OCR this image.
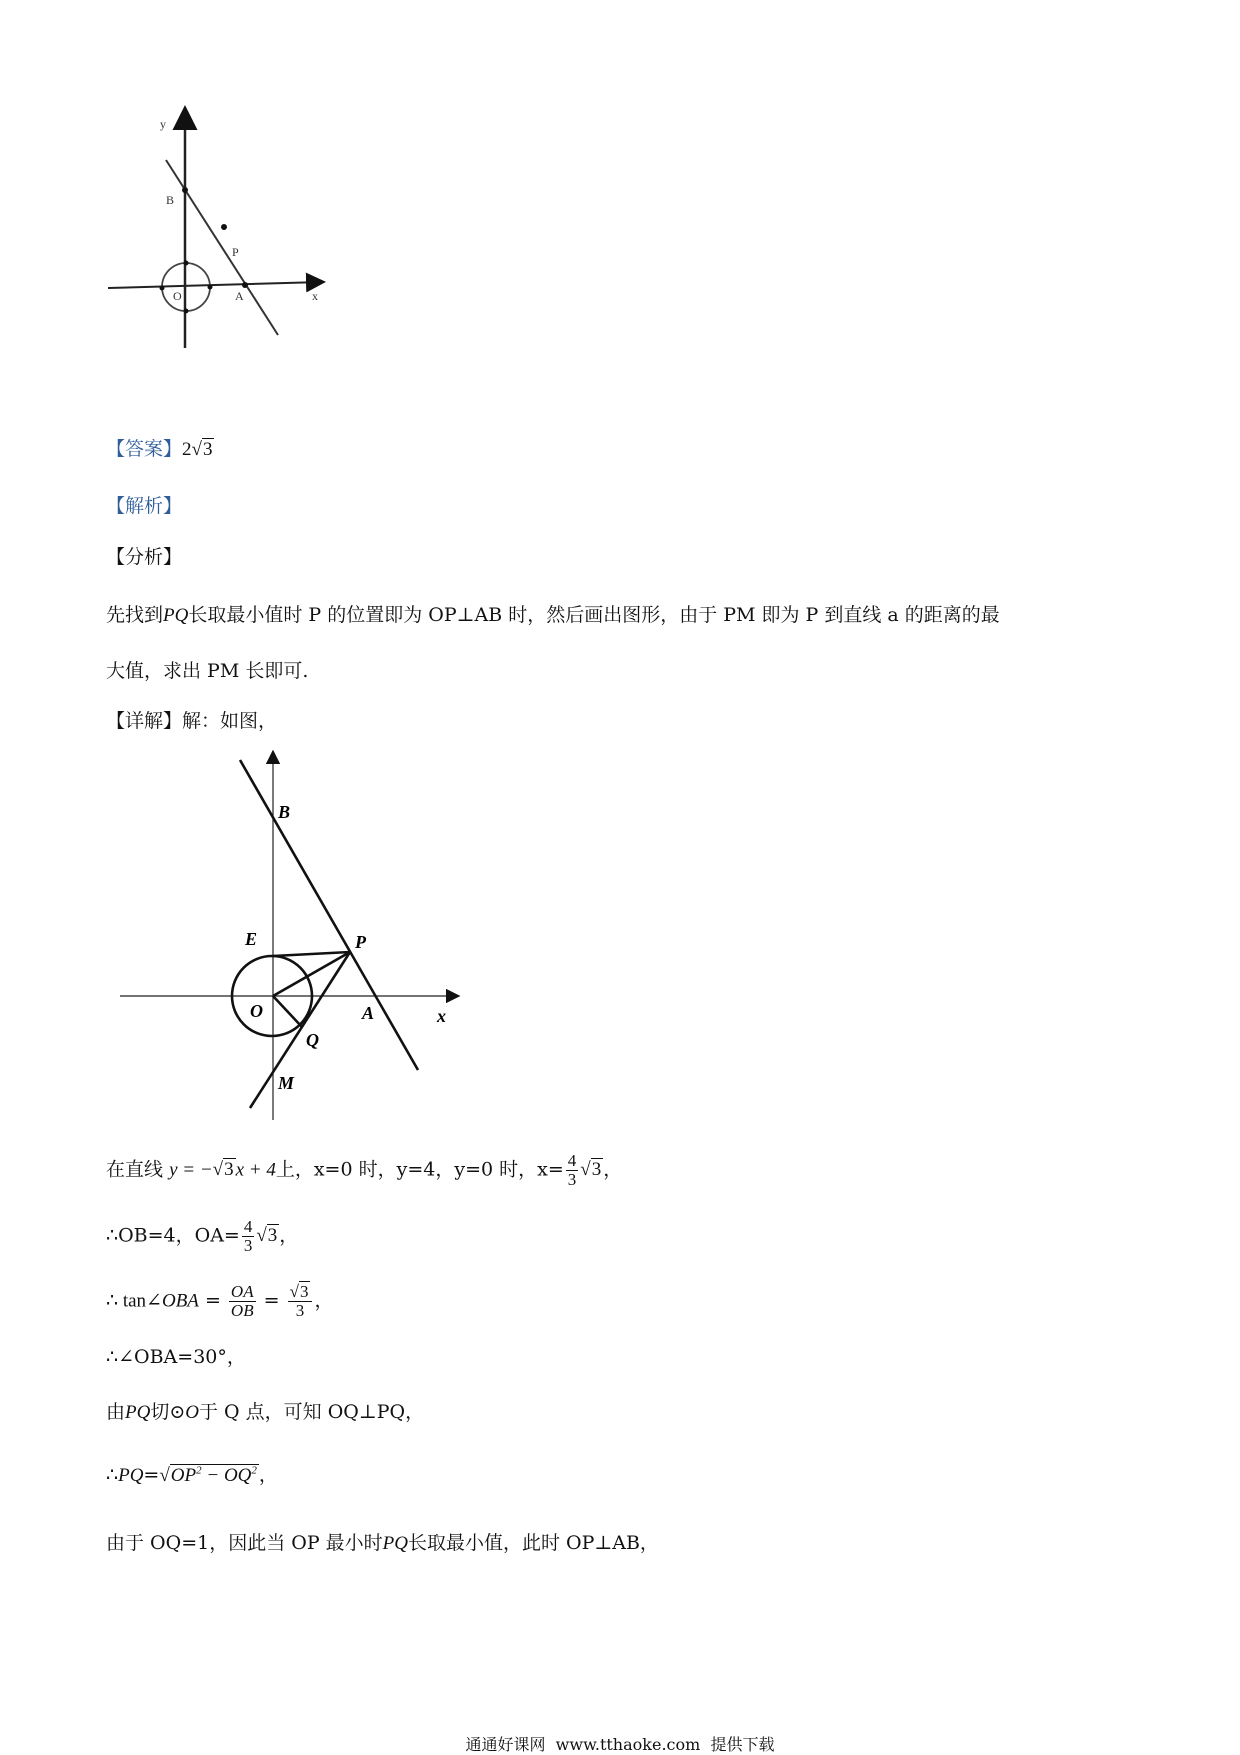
y
B
P
O	A	x
【答案】2√3
【解析】
【分析】
先找到PQ长取最小值时 P 的位置即为 OP⊥AB 时，然后画出图形，由于 PM 即为 P 到直线 a 的距离的最
大值，求出 PM 长即可.
【详解】解：如图，
B
E	P
O	A	x
Q
M
在直线 y = −√3 x + 4上，x=0 时，y=4，y=0 时，$x= \frac{4}{3} √3$ ，
∴OB=4，$OA= \frac{4}{3} √3$ ，
∴ tan∠OBA = $\frac{OA}{OB} = \frac{√3}{3}$ ，
∴∠OBA=30°，
由PQ切⊙O于 Q 点，可知 OQ⊥PQ，
$\therefore PQ=√OP^2 - OQ^2$ ，
由于 OQ=1，因此当 OP 最小时PQ长取最小值，此时 OP⊥AB，
通通好课网  www.tthaoke.com  提供下载
